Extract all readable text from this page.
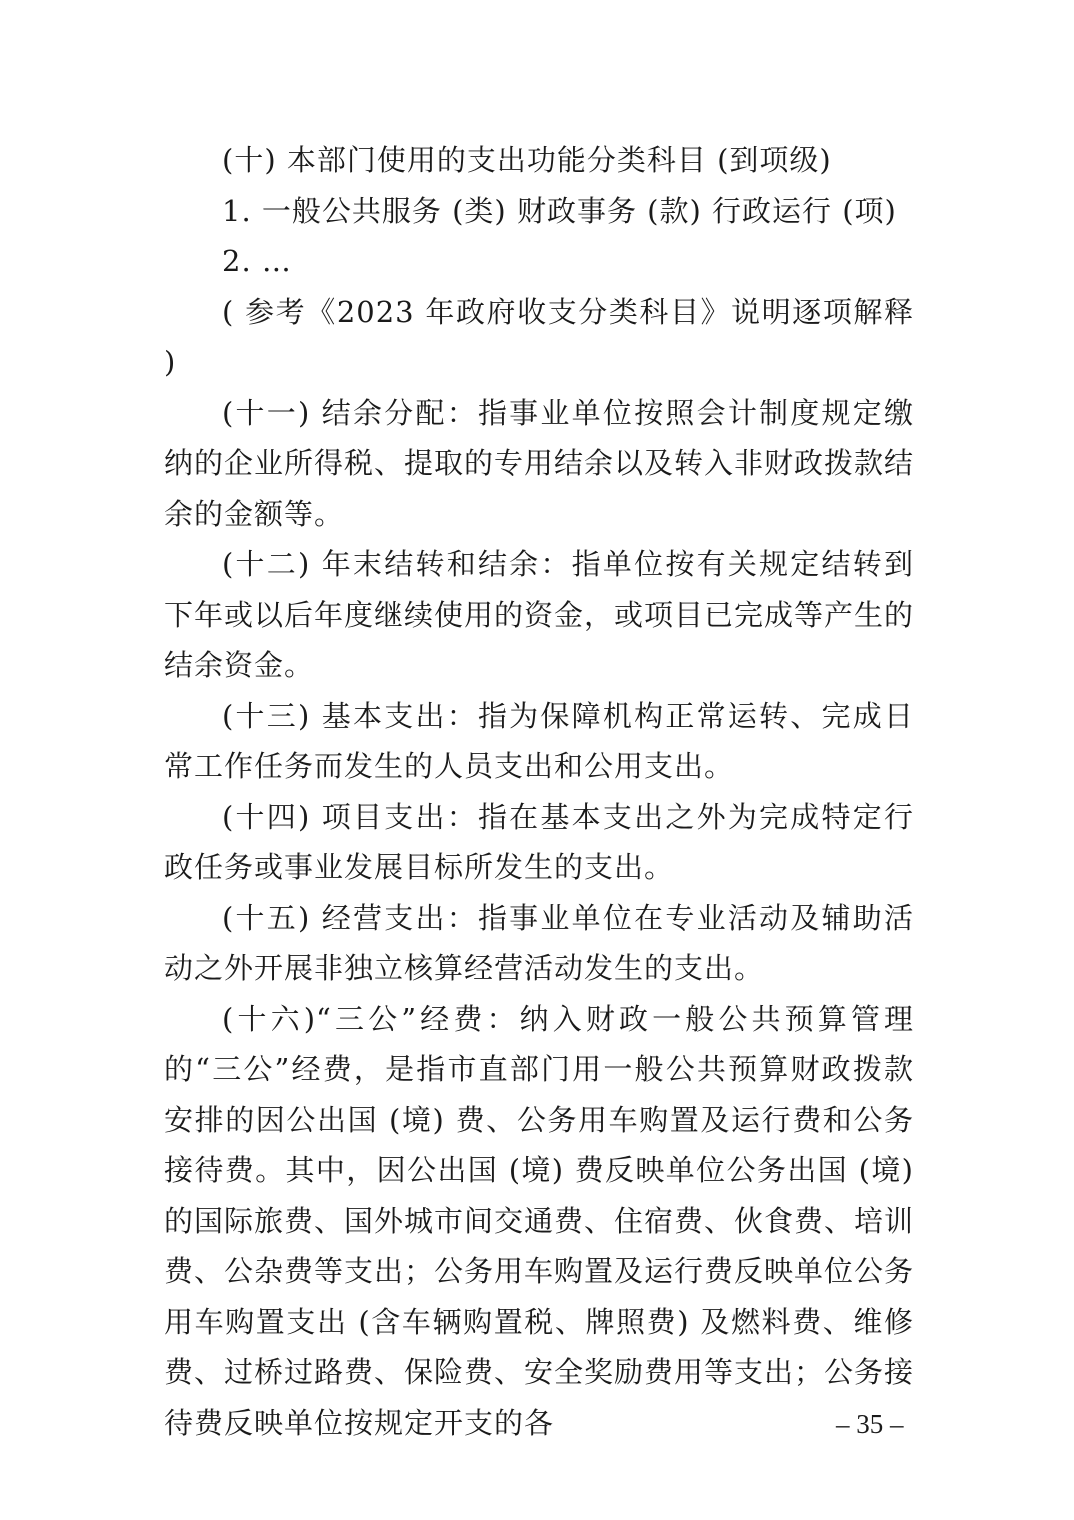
(十) 本部门使用的支出功能分类科目 (到项级)

1. 一般公共服务 (类) 财政事务 (款) 行政运行 (项)

2. …

( 参考《2023 年政府收支分类科目》说明逐项解释 )

(十一) 结余分配：指事业单位按照会计制度规定缴纳的企业所得税、提取的专用结余以及转入非财政拨款结余的金额等。

(十二) 年末结转和结余：指单位按有关规定结转到下年或以后年度继续使用的资金，或项目已完成等产生的结余资金。

(十三) 基本支出：指为保障机构正常运转、完成日常工作任务而发生的人员支出和公用支出。

(十四) 项目支出：指在基本支出之外为完成特定行政任务或事业发展目标所发生的支出。

(十五) 经营支出：指事业单位在专业活动及辅助活动之外开展非独立核算经营活动发生的支出。

(十六)“三公”经费：纳入财政一般公共预算管理的“三公”经费，是指市直部门用一般公共预算财政拨款安排的因公出国 (境) 费、公务用车购置及运行费和公务接待费。其中，因公出国 (境) 费反映单位公务出国 (境) 的国际旅费、国外城市间交通费、住宿费、伙食费、培训费、公杂费等支出；公务用车购置及运行费反映单位公务用车购置支出 (含车辆购置税、牌照费) 及燃料费、维修费、过桥过路费、保险费、安全奖励费用等支出；公务接待费反映单位按规定开支的各	– 35 –
